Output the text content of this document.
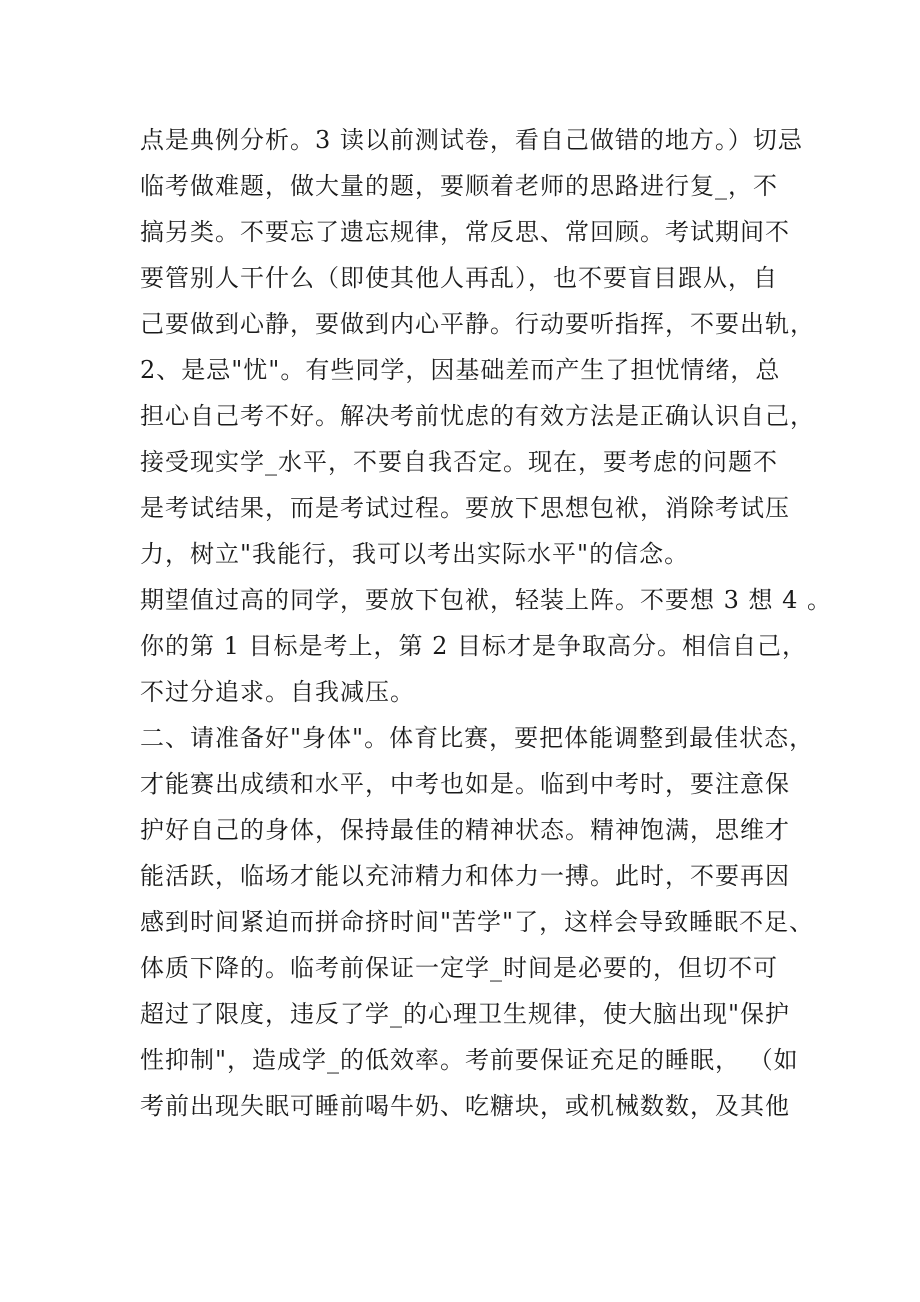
点是典例分析。3 读以前测试卷，看自己做错的地方。）切忌
临考做难题，做大量的题，要顺着老师的思路进行复_，不
搞另类。不要忘了遗忘规律，常反思、常回顾。考试期间不
要管别人干什么（即使其他人再乱），也不要盲目跟从，自
己要做到心静，要做到内心平静。行动要听指挥，不要出轨，
2、是忌"忧"。有些同学，因基础差而产生了担忧情绪，总
担心自己考不好。解决考前忧虑的有效方法是正确认识自己，
接受现实学_水平，不要自我否定。现在，要考虑的问题不
是考试结果，而是考试过程。要放下思想包袱，消除考试压
力，树立"我能行，我可以考出实际水平"的信念。
期望值过高的同学，要放下包袱，轻装上阵。不要想 3 想 4 。
你的第 1 目标是考上，第 2 目标才是争取高分。相信自己，
不过分追求。自我减压。
二、请准备好"身体"。体育比赛，要把体能调整到最佳状态，
才能赛出成绩和水平，中考也如是。临到中考时，要注意保
护好自己的身体，保持最佳的精神状态。精神饱满，思维才
能活跃，临场才能以充沛精力和体力一搏。此时，不要再因
感到时间紧迫而拼命挤时间"苦学"了，这样会导致睡眠不足、
体质下降的。临考前保证一定学_时间是必要的，但切不可
超过了限度，违反了学_的心理卫生规律，使大脑出现"保护
性抑制"，造成学_的低效率。考前要保证充足的睡眠， （如
考前出现失眠可睡前喝牛奶、吃糖块，或机械数数，及其他
